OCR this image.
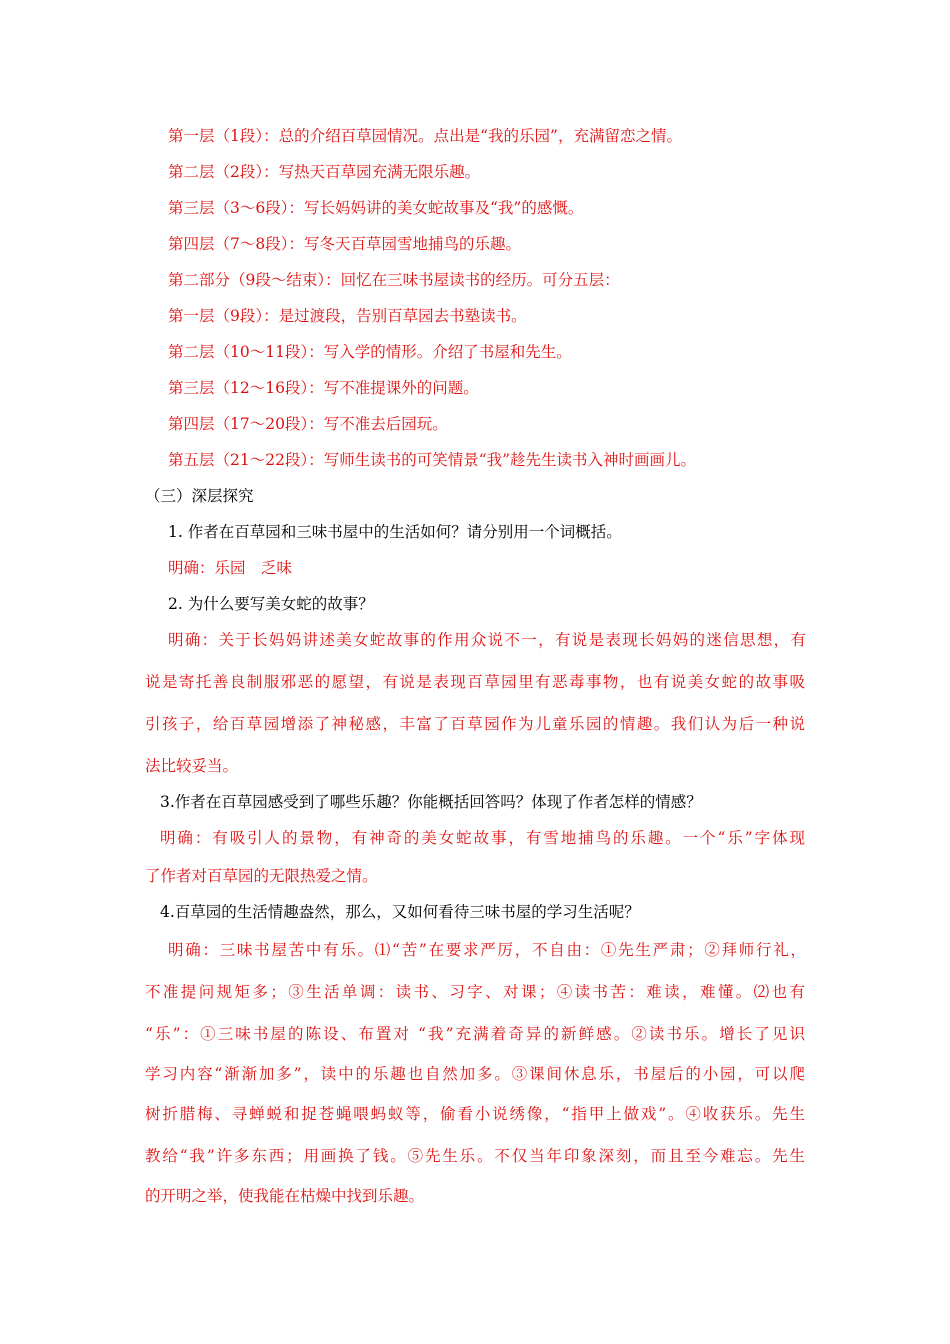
第一层（1段）：总的介绍百草园情况。点出是“我的乐园”，充满留恋之情。

第二层（2段）：写热天百草园充满无限乐趣。

第三层（3～6段）：写长妈妈讲的美女蛇故事及“我”的感慨。

第四层（7～8段）：写冬天百草园雪地捕鸟的乐趣。

第二部分（9段～结束）：回忆在三味书屋读书的经历。可分五层：

第一层（9段）：是过渡段，告别百草园去书塾读书。

第二层（10～11段）：写入学的情形。介绍了书屋和先生。

第三层（12～16段）：写不准提课外的问题。

第四层（17～20段）：写不准去后园玩。

第五层（21～22段）：写师生读书的可笑情景“我”趁先生读书入神时画画儿。

（三）深层探究

1. 作者在百草园和三味书屋中的生活如何？请分别用一个词概括。

明确：乐园　乏味

2. 为什么要写美女蛇的故事？

明确：关于长妈妈讲述美女蛇故事的作用众说不一，有说是表现长妈妈的迷信思想，有

说是寄托善良制服邪恶的愿望，有说是表现百草园里有恶毒事物，也有说美女蛇的故事吸

引孩子，给百草园增添了神秘感，丰富了百草园作为儿童乐园的情趣。我们认为后一种说

法比较妥当。

3.作者在百草园感受到了哪些乐趣？你能概括回答吗？体现了作者怎样的情感？

明确：有吸引人的景物，有神奇的美女蛇故事，有雪地捕鸟的乐趣。一个“乐”字体现

了作者对百草园的无限热爱之情。

4.百草园的生活情趣盎然，那么，又如何看待三味书屋的学习生活呢？

明确：三味书屋苦中有乐。⑴“苦”在要求严厉，不自由：①先生严肃；②拜师行礼，

不准提问规矩多；③生活单调：读书、习字、对课；④读书苦：难读，难懂。⑵也有

“乐”：①三味书屋的陈设、布置对 “我”充满着奇异的新鲜感。②读书乐。增长了见识

学习内容“渐渐加多”，读中的乐趣也自然加多。③课间休息乐，书屋后的小园，可以爬

树折腊梅、寻蝉蜕和捉苍蝇喂蚂蚁等，偷看小说绣像，“指甲上做戏”。④收获乐。先生

教给“我”许多东西；用画换了钱。⑤先生乐。不仅当年印象深刻，而且至今难忘。先生

的开明之举，使我能在枯燥中找到乐趣。
